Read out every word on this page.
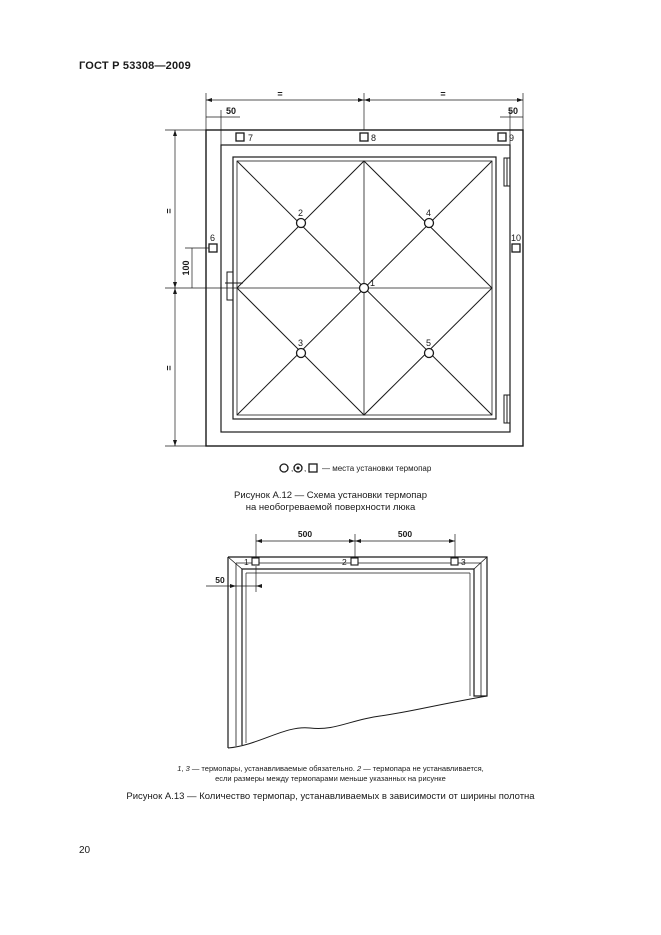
ГОСТ Р 53308—2009
1
2
3
4
5
6
7	8	9
10
=	=
50	50
=
=
100
, , — места установки термопар
1	2	3
500	500
50
Рисунок А.12 — Схема установки термопар
на необогреваемой поверхности люка
1, 3 — термопары, устанавливаемые обязательно. 2 — термопара не устанавливается,
если размеры между термопарами меньше указанных на рисунке
Рисунок А.13 — Количество термопар, устанавливаемых в зависимости от ширины полотна
20
